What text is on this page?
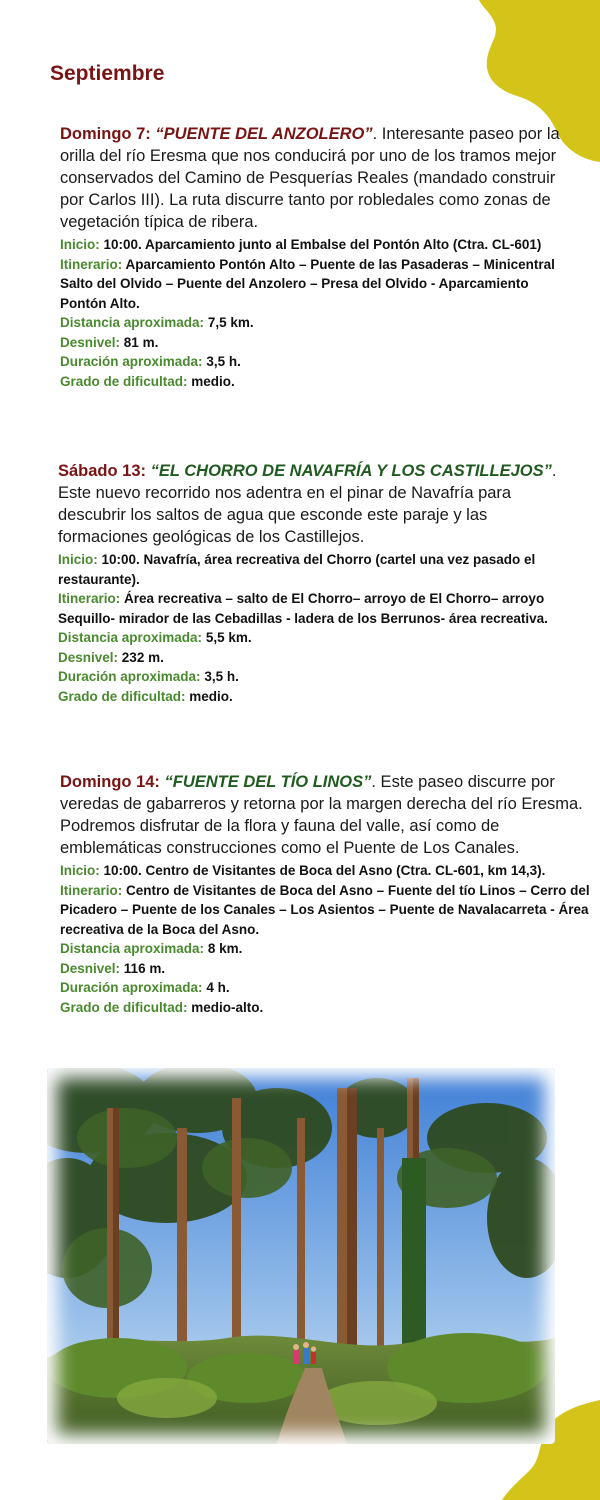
Septiembre

Domingo 7: “PUENTE DEL ANZOLERO”. Interesante paseo por la orilla del río Eresma que nos conducirá por uno de los tramos mejor conservados del Camino de Pesquerías Reales (mandado construir por Carlos III). La ruta discurre tanto por robledales como zonas de vegetación típica de ribera.

Inicio: 10:00. Aparcamiento junto al Embalse del Pontón Alto (Ctra. CL-601)

Itinerario: Aparcamiento Pontón Alto – Puente de las Pasaderas – Minicentral Salto del Olvido – Puente del Anzolero – Presa del Olvido - Aparcamiento Pontón Alto.

Distancia aproximada: 7,5 km.

Desnivel: 81 m.

Duración aproximada: 3,5 h.

Grado de dificultad: medio.

Sábado 13: “EL CHORRO DE NAVAFRÍA Y LOS CASTILLEJOS”. Este nuevo recorrido nos adentra en el pinar de Navafría para descubrir los saltos de agua que esconde este paraje y las formaciones geológicas de los Castillejos.

Inicio: 10:00. Navafría, área recreativa del Chorro (cartel una vez pasado el restaurante).

Itinerario: Área recreativa – salto de El Chorro– arroyo de El Chorro– arroyo Sequillo- mirador de las Cebadillas - ladera de los Berrunos- área recreativa.

Distancia aproximada: 5,5 km.

Desnivel: 232 m.

Duración aproximada: 3,5 h.

Grado de dificultad: medio.

Domingo 14: “FUENTE DEL TÍO LINOS”. Este paseo discurre por veredas de gabarreros y retorna por la margen derecha del río Eresma. Podremos disfrutar de la flora y fauna del valle, así como de emblemáticas construcciones como el Puente de Los Canales.

Inicio: 10:00. Centro de Visitantes de Boca del Asno (Ctra. CL-601, km 14,3).

Itinerario: Centro de Visitantes de Boca del Asno – Fuente del tío Linos – Cerro del Picadero – Puente de los Canales – Los Asientos – Puente de Navalacarreta - Área recreativa de la Boca del Asno.

Distancia aproximada: 8 km.

Desnivel: 116 m.

Duración aproximada: 4 h.

Grado de dificultad: medio-alto.
